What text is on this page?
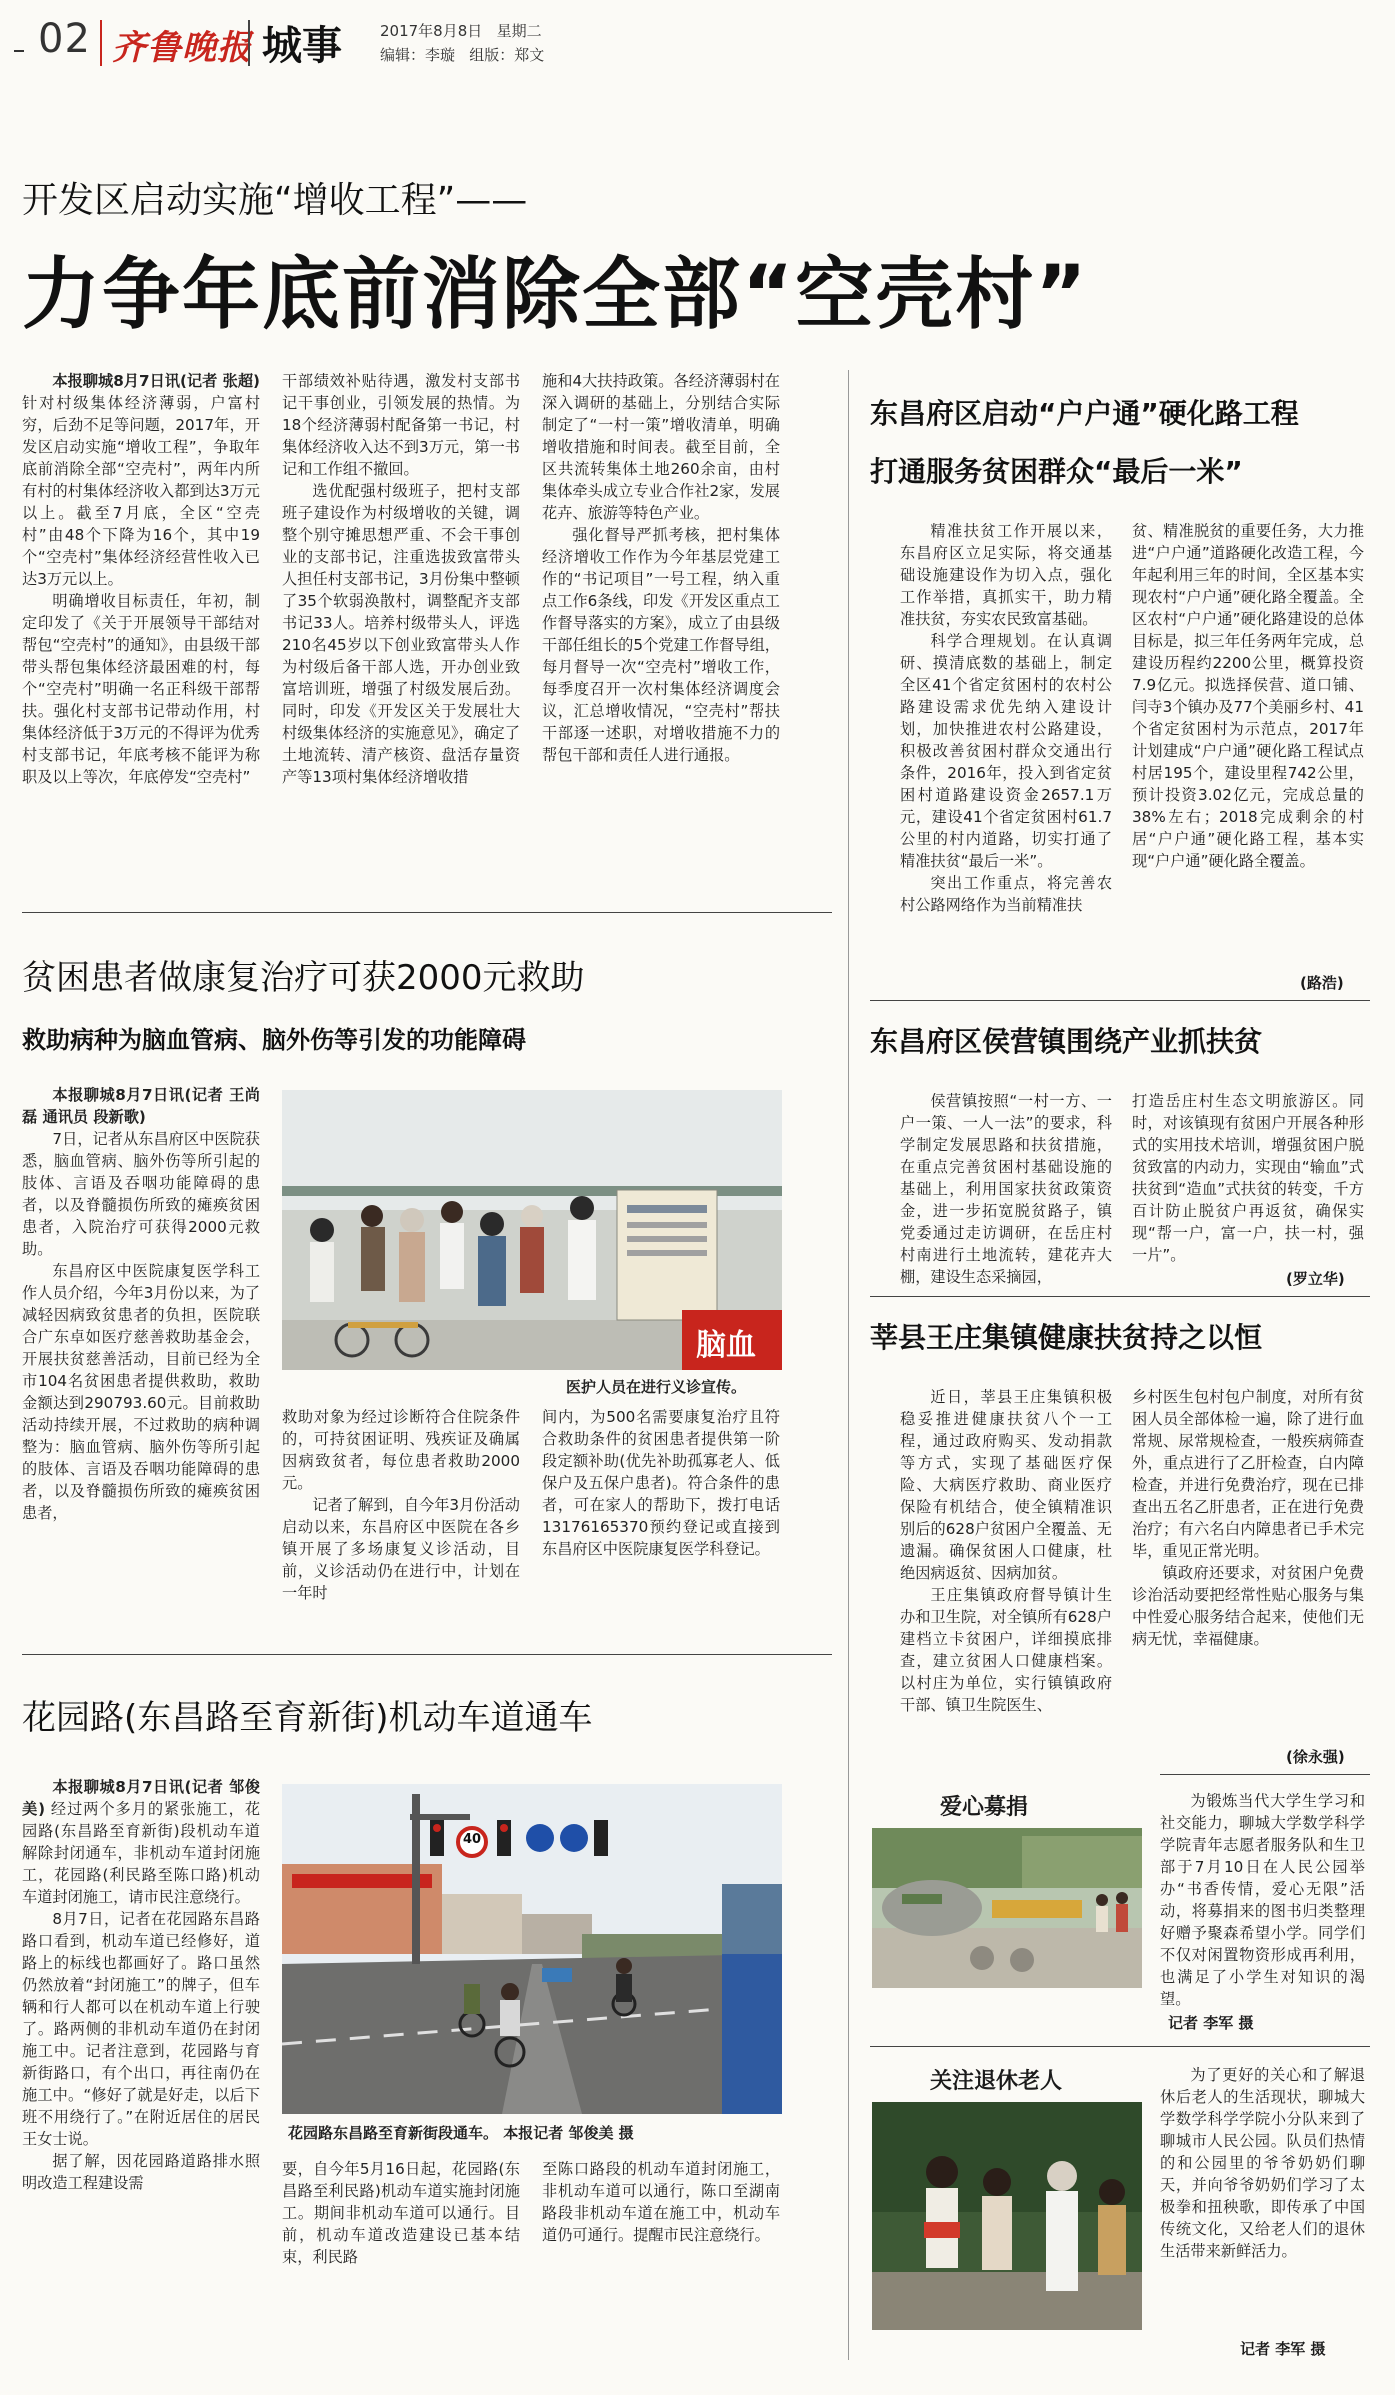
02 齐鲁晚报 城事	2017年8月8日   星期二
编辑：李璇   组版：郑文
开发区启动实施“增收工程”——
力争年底前消除全部“空壳村”

本报聊城8月7日讯(记者 张超) 针对村级集体经济薄弱，户富村穷，后劲不足等问题，2017年，开发区启动实施“增收工程”，争取年底前消除全部“空壳村”，两年内所有村的村集体经济收入都到达3万元以上。截至7月底，全区“空壳村”由48个下降为16个，其中19个“空壳村”集体经济经营性收入已达3万元以上。

明确增收目标责任，年初，制定印发了《关于开展领导干部结对帮包“空壳村”的通知》，由县级干部带头帮包集体经济最困难的村，每个“空壳村”明确一名正科级干部帮扶。强化村支部书记带动作用，村集体经济低于3万元的不得评为优秀村支部书记，年底考核不能评为称职及以上等次，年底停发“空壳村”

干部绩效补贴待遇，激发村支部书记干事创业，引领发展的热情。为18个经济薄弱村配备第一书记，村集体经济收入达不到3万元，第一书记和工作组不撤回。

选优配强村级班子，把村支部班子建设作为村级增收的关键，调整个别守摊思想严重、不会干事创业的支部书记，注重选拔致富带头人担任村支部书记，3月份集中整顿了35个软弱涣散村，调整配齐支部书记33人。培养村级带头人，评选210名45岁以下创业致富带头人作为村级后备干部人选，开办创业致富培训班，增强了村级发展后劲。同时，印发《开发区关于发展壮大村级集体经济的实施意见》，确定了土地流转、清产核资、盘活存量资产等13项村集体经济增收措

施和4大扶持政策。各经济薄弱村在深入调研的基础上，分别结合实际制定了“一村一策”增收清单，明确增收措施和时间表。截至目前，全区共流转集体土地260余亩，由村集体牵头成立专业合作社2家，发展花卉、旅游等特色产业。

强化督导严抓考核，把村集体经济增收工作作为今年基层党建工作的“书记项目”一号工程，纳入重点工作6条线，印发《开发区重点工作督导落实的方案》，成立了由县级干部任组长的5个党建工作督导组，每月督导一次“空壳村”增收工作，每季度召开一次村集体经济调度会议，汇总增收情况，“空壳村”帮扶干部逐一述职，对增收措施不力的帮包干部和责任人进行通报。

东昌府区启动“户户通”硬化路工程
打通服务贫困群众“最后一米”

精准扶贫工作开展以来，东昌府区立足实际，将交通基础设施建设作为切入点，强化工作举措，真抓实干，助力精准扶贫，夯实农民致富基础。

科学合理规划。在认真调研、摸清底数的基础上，制定全区41个省定贫困村的农村公路建设需求优先纳入建设计划，加快推进农村公路建设，积极改善贫困村群众交通出行条件，2016年，投入到省定贫困村道路建设资金2657.1万元，建设41个省定贫困村61.7公里的村内道路，切实打通了精准扶贫“最后一米”。

突出工作重点，将完善农村公路网络作为当前精准扶

贫、精准脱贫的重要任务，大力推进“户户通”道路硬化改造工程，今年起利用三年的时间，全区基本实现农村“户户通”硬化路全覆盖。全区农村“户户通”硬化路建设的总体目标是，拟三年任务两年完成，总建设历程约2200公里，概算投资7.9亿元。拟选择侯营、道口铺、闫寺3个镇办及77个美丽乡村、41个省定贫困村为示范点，2017年计划建成“户户通”硬化路工程试点村居195个，建设里程742公里，预计投资3.02亿元，完成总量的38%左右；2018完成剩余的村居“户户通”硬化路工程，基本实现“户户通”硬化路全覆盖。

(路浩)
东昌府区侯营镇围绕产业抓扶贫

侯营镇按照“一村一方、一户一策、一人一法”的要求，科学制定发展思路和扶贫措施，在重点完善贫困村基础设施的基础上，利用国家扶贫政策资金，进一步拓宽脱贫路子，镇党委通过走访调研，在岳庄村村南进行土地流转，建花卉大棚，建设生态采摘园，

打造岳庄村生态文明旅游区。同时，对该镇现有贫困户开展各种形式的实用技术培训，增强贫困户脱贫致富的内动力，实现由“输血”式扶贫到“造血”式扶贫的转变，千方百计防止脱贫户再返贫，确保实现“帮一户，富一户，扶一村，强一片”。

(罗立华)
莘县王庄集镇健康扶贫持之以恒

近日，莘县王庄集镇积极稳妥推进健康扶贫八个一工程，通过政府购买、发动捐款等方式，实现了基础医疗保险、大病医疗救助、商业医疗保险有机结合，使全镇精准识别后的628户贫困户全覆盖、无遗漏。确保贫困人口健康，杜绝因病返贫、因病加贫。

王庄集镇政府督导镇计生办和卫生院，对全镇所有628户建档立卡贫困户，详细摸底排查，建立贫困人口健康档案。以村庄为单位，实行镇镇政府干部、镇卫生院医生、

乡村医生包村包户制度，对所有贫困人员全部体检一遍，除了进行血常规、尿常规检查，一般疾病筛查外，重点进行了乙肝检查，白内障检查，并进行免费治疗，现在已排查出五名乙肝患者，正在进行免费治疗；有六名白内障患者已手术完毕，重见正常光明。

镇政府还要求，对贫困户免费诊治活动要把经常性贴心服务与集中性爱心服务结合起来，使他们无病无忧，幸福健康。

(徐永强)
爱心募捐	为锻炼当代大学生学习和社交能力，聊城大学数学科学学院青年志愿者服务队和生卫部于7月10日在人民公园举办“书香传情，爱心无限”活动，将募捐来的图书归类整理好赠予聚森希望小学。同学们不仅对闲置物资形成再利用，也满足了小学生对知识的渴望。

记者 李军 摄
关注退休老人	为了更好的关心和了解退休后老人的生活现状，聊城大学数学科学学院小分队来到了聊城市人民公园。队员们热情的和公园里的爷爷奶奶们聊天，并向爷爷奶奶们学习了太极拳和扭秧歌，即传承了中国传统文化，又给老人们的退休生活带来新鲜活力。

记者 李军 摄
贫困患者做康复治疗可获2000元救助
救助病种为脑血管病、脑外伤等引发的功能障碍

本报聊城8月7日讯(记者 王尚磊 通讯员 段新歌)

7日，记者从东昌府区中医院获悉，脑血管病、脑外伤等所引起的肢体、言语及吞咽功能障碍的患者，以及脊髓损伤所致的瘫痪贫困患者，入院治疗可获得2000元救助。

东昌府区中医院康复医学科工作人员介绍，今年3月份以来，为了减轻因病致贫患者的负担，医院联合广东卓如医疗慈善救助基金会，开展扶贫慈善活动，目前已经为全市104名贫困患者提供救助，救助金额达到290793.60元。目前救助活动持续开展，不过救助的病种调整为：脑血管病、脑外伤等所引起的肢体、言语及吞咽功能障碍的患者，以及脊髓损伤所致的瘫痪贫困患者，

脑血
医护人员在进行义诊宣传。

救助对象为经过诊断符合住院条件的，可持贫困证明、残疾证及确属因病致贫者，每位患者救助2000元。

记者了解到，自今年3月份活动启动以来，东昌府区中医院在各乡镇开展了多场康复义诊活动，目前，义诊活动仍在进行中，计划在一年时

间内，为500名需要康复治疗且符合救助条件的贫困患者提供第一阶段定额补助(优先补助孤寡老人、低保户及五保户患者)。符合条件的患者，可在家人的帮助下，拨打电话13176165370预约登记或直接到东昌府区中医院康复医学科登记。

花园路(东昌路至育新街)机动车道通车

本报聊城8月7日讯(记者 邹俊美) 经过两个多月的紧张施工，花园路(东昌路至育新街)段机动车道解除封闭通车，非机动车道封闭施工，花园路(利民路至陈口路)机动车道封闭施工，请市民注意绕行。

8月7日，记者在花园路东昌路路口看到，机动车道已经修好，道路上的标线也都画好了。路口虽然仍然放着“封闭施工”的牌子，但车辆和行人都可以在机动车道上行驶了。路两侧的非机动车道仍在封闭施工中。记者注意到，花园路与育新街路口，有个出口，再往南仍在施工中。“修好了就是好走，以后下班不用绕行了。”在附近居住的居民王女士说。

据了解，因花园路道路排水照明改造工程建设需

40
花园路东昌路至育新街段通车。 本报记者 邹俊美 摄

要，自今年5月16日起，花园路(东昌路至利民路)机动车道实施封闭施工。期间非机动车道可以通行。目前，机动车道改造建设已基本结束，利民路

至陈口路段的机动车道封闭施工，非机动车道可以通行，陈口至湖南路段非机动车道在施工中，机动车道仍可通行。提醒市民注意绕行。
